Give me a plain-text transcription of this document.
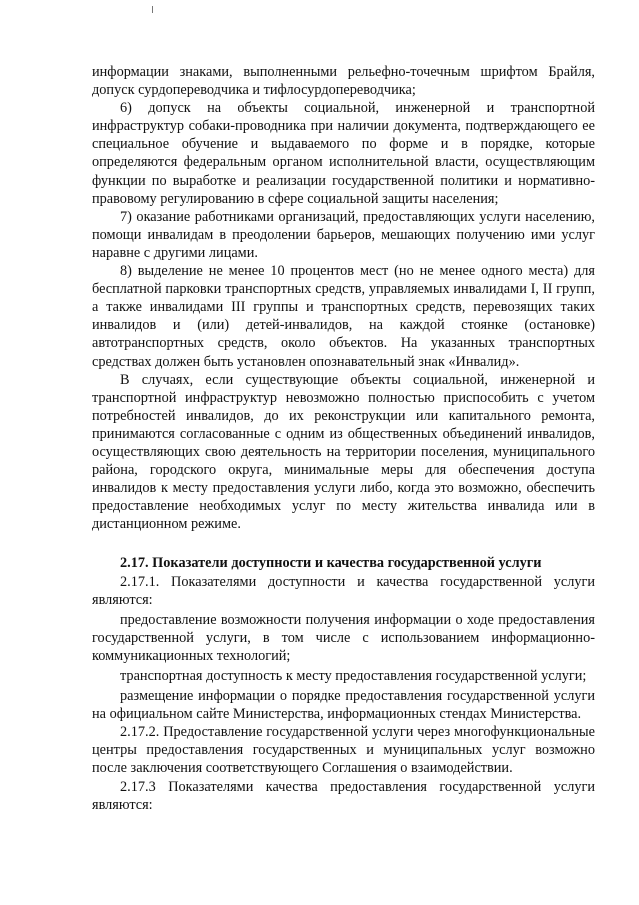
информации знаками, выполненными рельефно-точечным шрифтом Брайля, допуск сурдопереводчика и тифлосурдопереводчика;

6) допуск на объекты социальной, инженерной и транспортной инфраструктур собаки-проводника при наличии документа, подтверждающего ее специальное обучение и выдаваемого по форме и в порядке, которые определяются федеральным органом исполнительной власти, осуществляющим функции по выработке и реализации государственной политики и нормативно-правовому регулированию в сфере социальной защиты населения;

7) оказание работниками организаций, предоставляющих услуги населению, помощи инвалидам в преодолении барьеров, мешающих получению ими услуг наравне с другими лицами.

8) выделение не менее 10 процентов мест (но не менее одного места) для бесплатной парковки транспортных средств, управляемых инвалидами I, II групп, а также инвалидами III группы и транспортных средств, перевозящих таких инвалидов и (или) детей-инвалидов, на каждой стоянке (остановке) автотранспортных средств, около объектов. На указанных транспортных средствах должен быть установлен опознавательный знак «Инвалид».

В случаях, если существующие объекты социальной, инженерной и транспортной инфраструктур невозможно полностью приспособить с учетом потребностей инвалидов, до их реконструкции или капитального ремонта, принимаются согласованные с одним из общественных объединений инвалидов, осуществляющих свою деятельность на территории поселения, муниципального района, городского округа, минимальные меры для обеспечения доступа инвалидов к месту предоставления услуги либо, когда это возможно, обеспечить предоставление необходимых услуг по месту жительства инвалида или в дистанционном режиме.

2.17. Показатели доступности и качества государственной услуги

2.17.1. Показателями доступности и качества государственной услуги являются:

предоставление возможности получения информации о ходе предоставления государственной услуги, в том числе с использованием информационно-коммуникационных технологий;

транспортная доступность к месту предоставления государственной услуги;

размещение информации о порядке предоставления государственной услуги на официальном сайте Министерства, информационных стендах Министерства.

2.17.2. Предоставление государственной услуги через многофункциональные центры предоставления государственных и муниципальных услуг возможно после заключения соответствующего Соглашения о взаимодействии.

2.17.3 Показателями качества предоставления государственной услуги являются:
